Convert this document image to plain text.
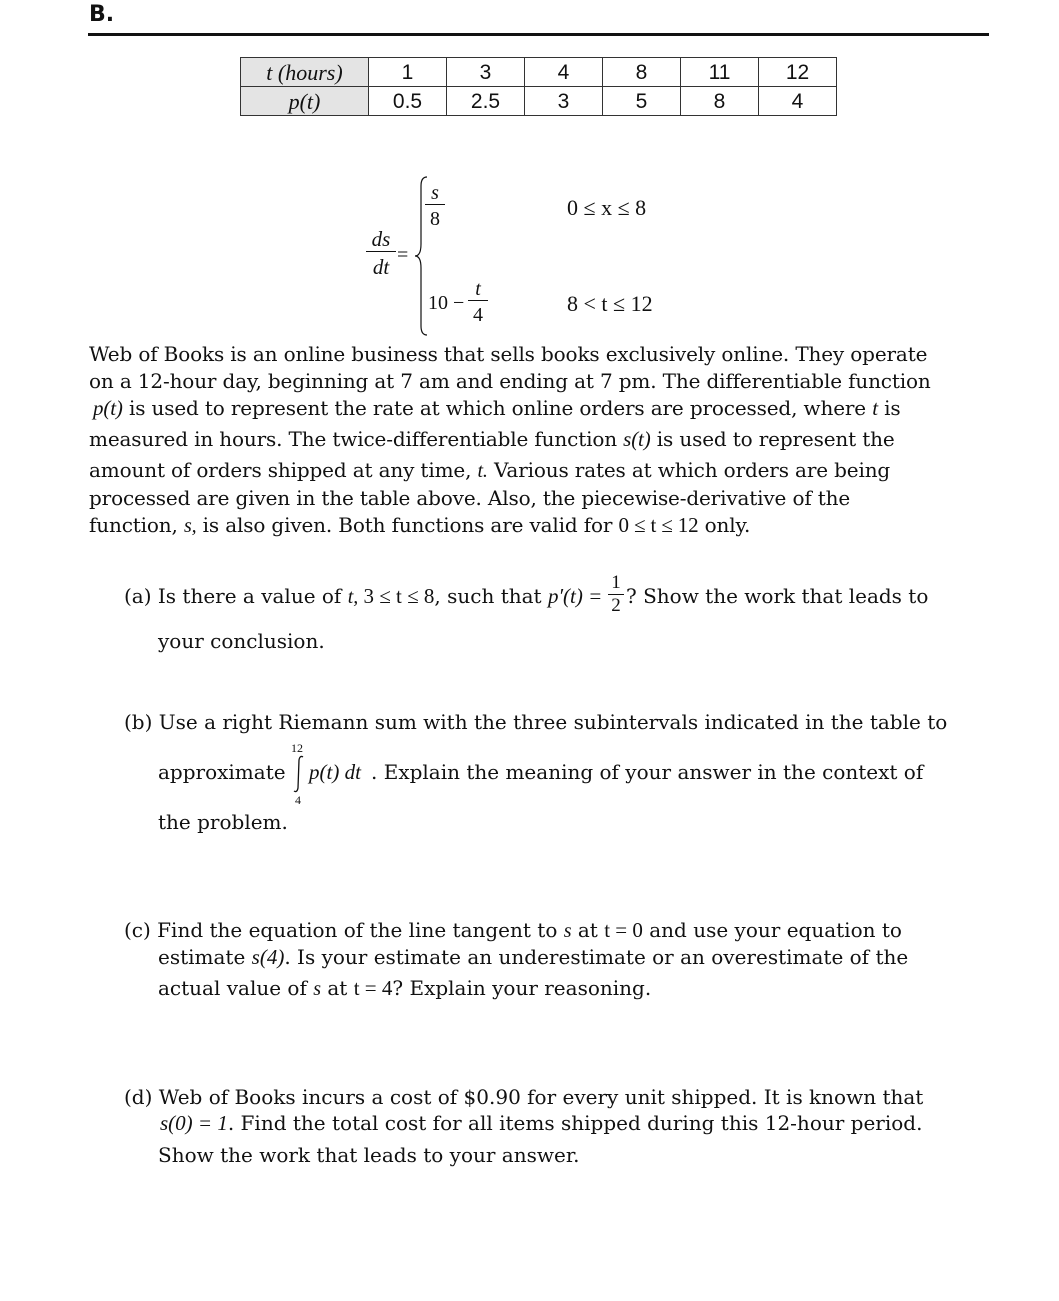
B.
t (hours)	1	3	4	8	11	12
p(t)	0.5	2.5	3	5	8	4
$\frac{ds}{dt}$ =
$\frac{s}{8}$	0 ≤ x ≤ 8
$10 - \frac{t}{4}$	8 < t ≤ 12
Web of Books is an online business that sells books exclusively online. They operate
on a 12-hour day, beginning at 7 am and ending at 7 pm. The differentiable function
p(t) is used to represent the rate at which online orders are processed, where t is
measured in hours. The twice-differentiable function s(t) is used to represent the
amount of orders shipped at any time, t. Various rates at which orders are being
processed are given in the table above. Also, the piecewise-derivative of the
function, s, is also given. Both functions are valid for 0 ≤ t ≤ 12 only.
(a) Is there a value of t, 3 ≤ t ≤ 8, such that $p'(t) = \frac{1}{2}$ ? Show the work that leads to
your conclusion.
(b) Use a right Riemann sum with the three subintervals indicated in the table to
approximate
12
4
p(t) dt . Explain the meaning of your answer in the context of
the problem.
(c) Find the equation of the line tangent to s at t = 0 and use your equation to
estimate s(4). Is your estimate an underestimate or an overestimate of the
actual value of s at t = 4? Explain your reasoning.
(d) Web of Books incurs a cost of $0.90 for every unit shipped. It is known that
s(0) = 1. Find the total cost for all items shipped during this 12-hour period.
Show the work that leads to your answer.
